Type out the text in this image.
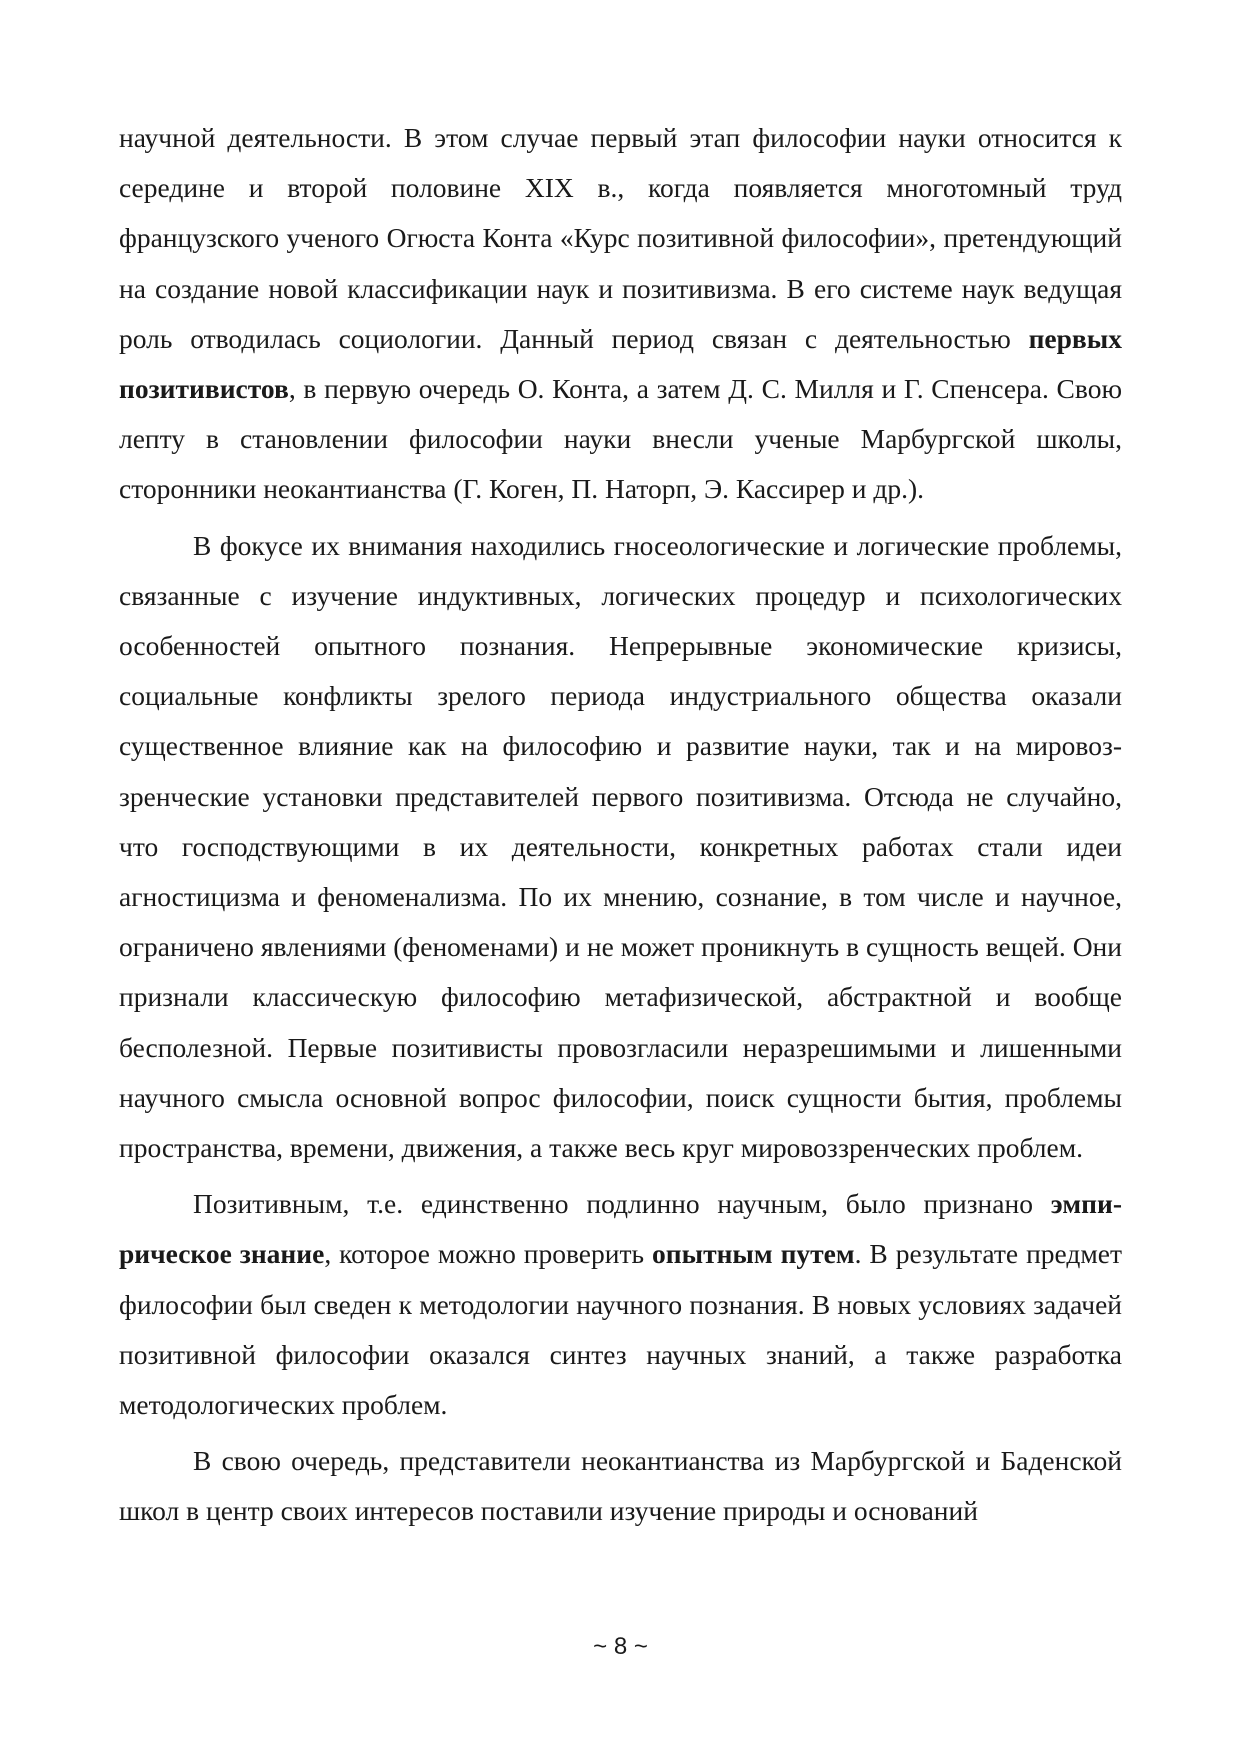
научной деятельности. В этом случае первый этап философии науки относится к середине и второй половине XIX в., когда появляется многотомный труд французского ученого Огюста Конта «Курс позитивной философии», претендующий на создание новой классификации наук и позитивизма. В его системе наук ведущая роль отводилась социологии. Данный период связан с деятельностью первых позитивистов, в первую очередь О. Конта, а затем Д. С. Милля и Г. Спенсера. Свою лепту в становлении философии науки внесли ученые Марбургской школы, сторонники неокантианства (Г. Коген, П. Наторп, Э. Кассирер и др.).

В фокусе их внимания находились гносеологические и логические проблемы, связанные с изучение индуктивных, логических процедур и психологических особенностей опытного познания. Непрерывные экономические кризисы, социальные конфликты зрелого периода индустриального общества оказали существенное влияние как на философию и развитие науки, так и на мировоззренческие установки представителей первого позитивизма. Отсюда не случайно, что господствующими в их деятельности, конкретных работах стали идеи агностицизма и феноменализма. По их мнению, сознание, в том числе и научное, ограничено явлениями (феноменами) и не может проникнуть в сущность вещей. Они признали классическую философию метафизической, абстрактной и вообще бесполезной. Первые позитивисты провозгласили неразрешимыми и лишенными научного смысла основной вопрос философии, поиск сущности бытия, проблемы пространства, времени, движения, а также весь круг мировоззренческих проблем.

Позитивным, т.е. единственно подлинно научным, было признано эмпирическое знание, которое можно проверить опытным путем. В результате предмет философии был сведен к методологии научного познания. В новых условиях задачей позитивной философии оказался синтез научных знаний, а также разработка методологических проблем.

В свою очередь, представители неокантианства из Марбургской и Баденской школ в центр своих интересов поставили изучение природы и оснований

~ 8 ~
